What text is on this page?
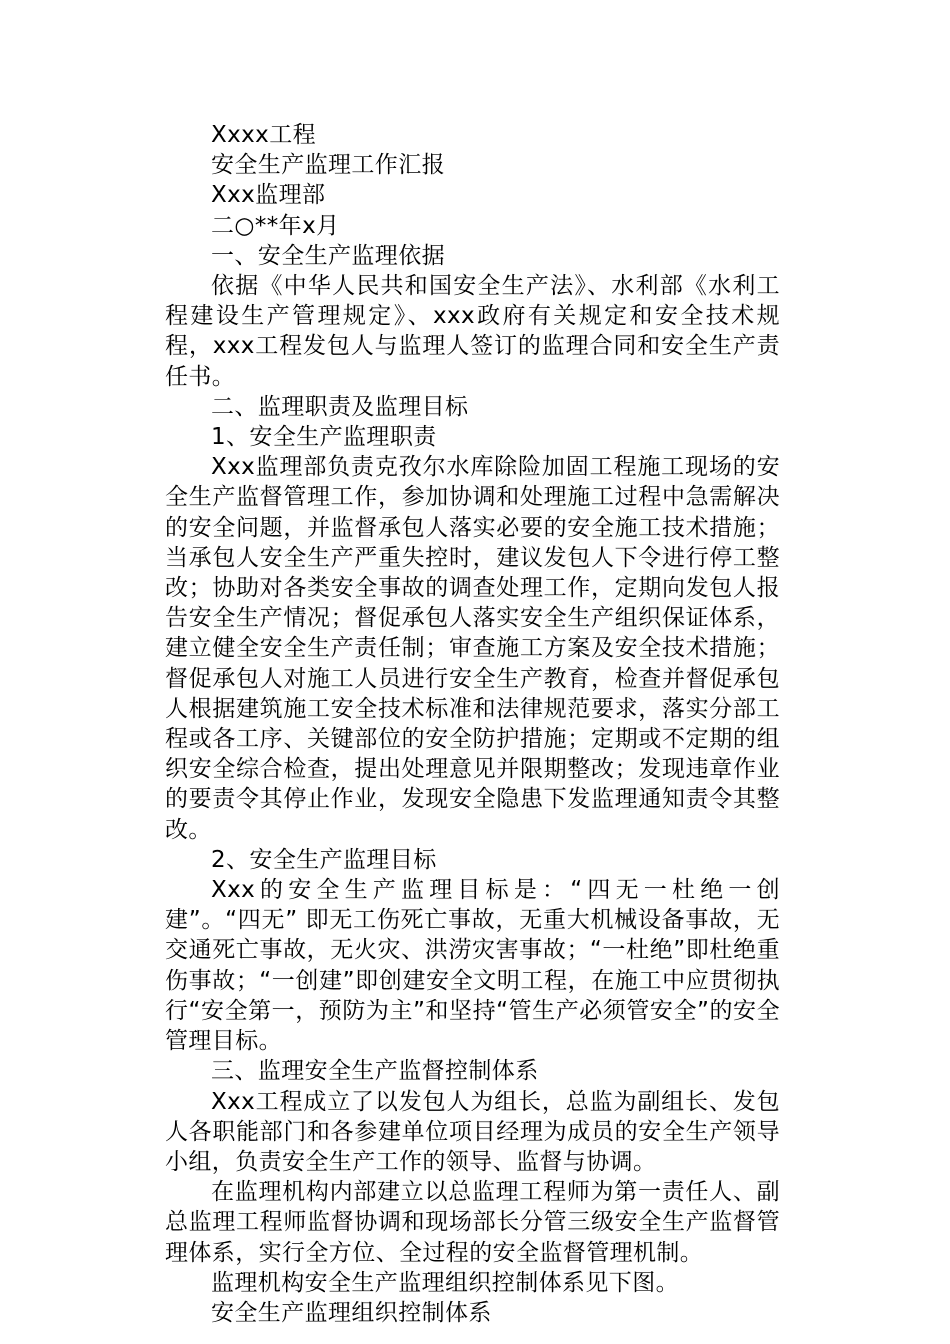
Xxxx工程

安全生产监理工作汇报

Xxx监理部

二○**年x月

一、安全生产监理依据

依据《中华人民共和国安全生产法》、水利部《水利工程建设生产管理规定》、xxx政府有关规定和安全技术规程，xxx工程发包人与监理人签订的监理合同和安全生产责任书。

二、监理职责及监理目标

1、安全生产监理职责

Xxx监理部负责克孜尔水库除险加固工程施工现场的安全生产监督管理工作，参加协调和处理施工过程中急需解决的安全问题，并监督承包人落实必要的安全施工技术措施；当承包人安全生产严重失控时，建议发包人下令进行停工整改；协助对各类安全事故的调查处理工作，定期向发包人报告安全生产情况；督促承包人落实安全生产组织保证体系，建立健全安全生产责任制；审查施工方案及安全技术措施；督促承包人对施工人员进行安全生产教育，检查并督促承包人根据建筑施工安全技术标准和法律规范要求，落实分部工程或各工序、关键部位的安全防护措施；定期或不定期的组织安全综合检查，提出处理意见并限期整改；发现违章作业的要责令其停止作业，发现安全隐患下发监理通知责令其整改。

2、安全生产监理目标

Xxx的安全生产监理目标是：“四无一杜绝一创建”。“四无” 即无工伤死亡事故，无重大机械设备事故，无交通死亡事故，无火灾、洪涝灾害事故；“一杜绝”即杜绝重伤事故；“一创建”即创建安全文明工程，在施工中应贯彻执行“安全第一，预防为主”和坚持“管生产必须管安全”的安全管理目标。

三、监理安全生产监督控制体系

Xxx工程成立了以发包人为组长，总监为副组长、发包人各职能部门和各参建单位项目经理为成员的安全生产领导小组，负责安全生产工作的领导、监督与协调。

在监理机构内部建立以总监理工程师为第一责任人、副总监理工程师监督协调和现场部长分管三级安全生产监督管理体系，实行全方位、全过程的安全监督管理机制。

监理机构安全生产监理组织控制体系见下图。

安全生产监理组织控制体系
